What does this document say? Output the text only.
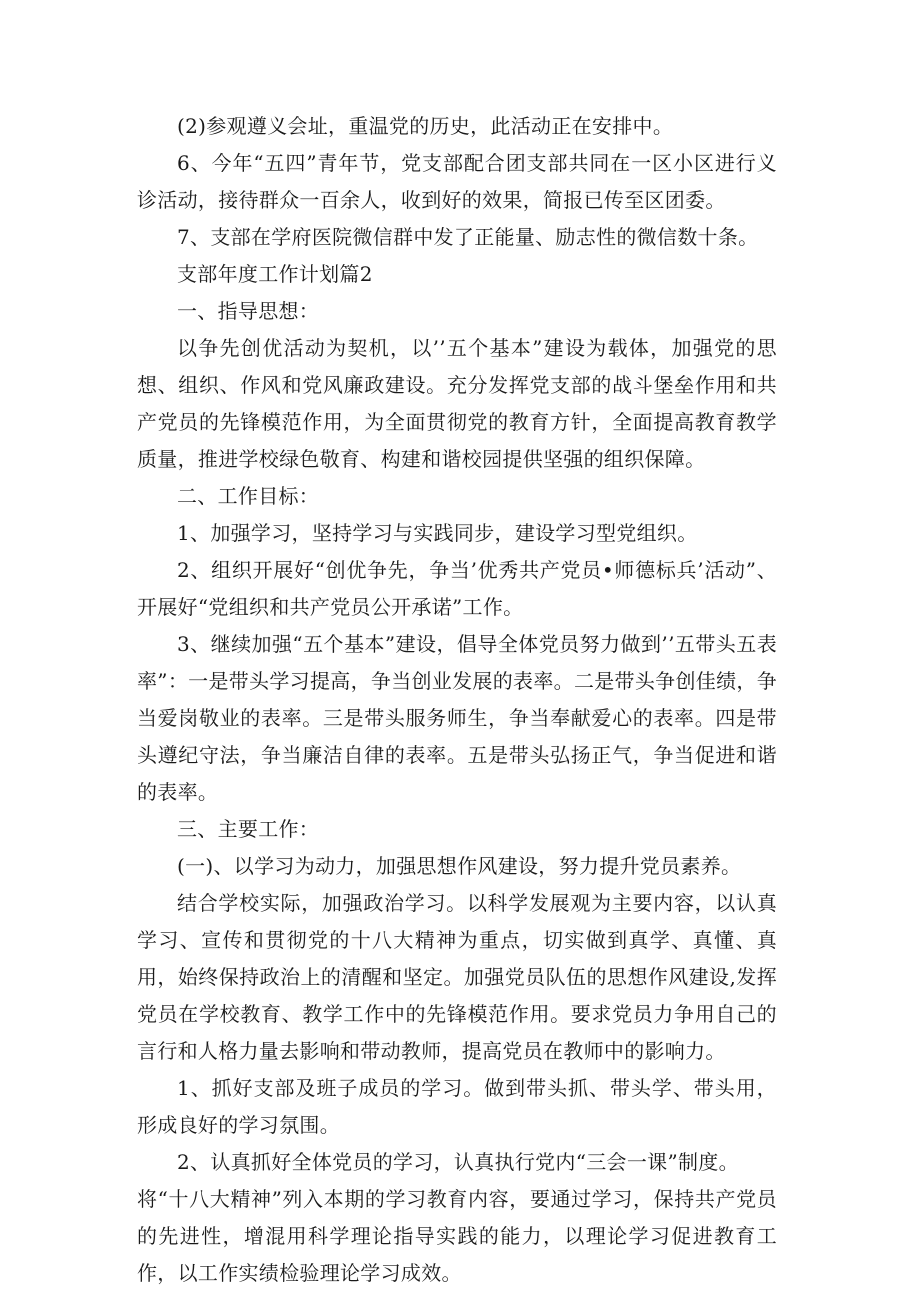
(2)参观遵义会址，重温党的历史，此活动正在安排中。

6、今年“五四”青年节，党支部配合团支部共同在一区小区进行义诊活动，接待群众一百余人，收到好的效果，简报已传至区团委。

7、支部在学府医院微信群中发了正能量、励志性的微信数十条。

支部年度工作计划篇2

一、指导思想：

以争先创优活动为契机，以’’五个基本”建设为载体，加强党的思想、组织、作风和党风廉政建设。充分发挥党支部的战斗堡垒作用和共产党员的先锋模范作用，为全面贯彻党的教育方针，全面提高教育教学质量，推进学校绿色敬育、构建和谐校园提供坚强的组织保障。

二、工作目标：

1、加强学习，坚持学习与实践同步，建设学习型党组织。

2、组织开展好“创优争先，争当’优秀共产党员•师德标兵’活动”、开展好“党组织和共产党员公开承诺”工作。

3、继续加强“五个基本”建设，倡导全体党员努力做到’’五带头五表率”：一是带头学习提高，争当创业发展的表率。二是带头争创佳绩，争当爱岗敬业的表率。三是带头服务师生，争当奉献爱心的表率。四是带头遵纪守法，争当廉洁自律的表率。五是带头弘扬正气，争当促进和谐的表率。

三、主要工作：

(一)、以学习为动力，加强思想作风建设，努力提升党员素养。

结合学校实际，加强政治学习。以科学发展观为主要内容，以认真学习、宣传和贯彻党的十八大精神为重点，切实做到真学、真懂、真用，始终保持政治上的清醒和坚定。加强党员队伍的思想作风建设,发挥党员在学校教育、教学工作中的先锋模范作用。要求党员力争用自己的言行和人格力量去影响和带动教师，提高党员在教师中的影响力。

1、抓好支部及班子成员的学习。做到带头抓、带头学、带头用，形成良好的学习氛围。

2、认真抓好全体党员的学习，认真执行党内“三会一课”制度。

将“十八大精神”列入本期的学习教育内容，要通过学习，保持共产党员的先进性，增混用科学理论指导实践的能力，以理论学习促进教育工作，以工作实绩检验理论学习成效。
